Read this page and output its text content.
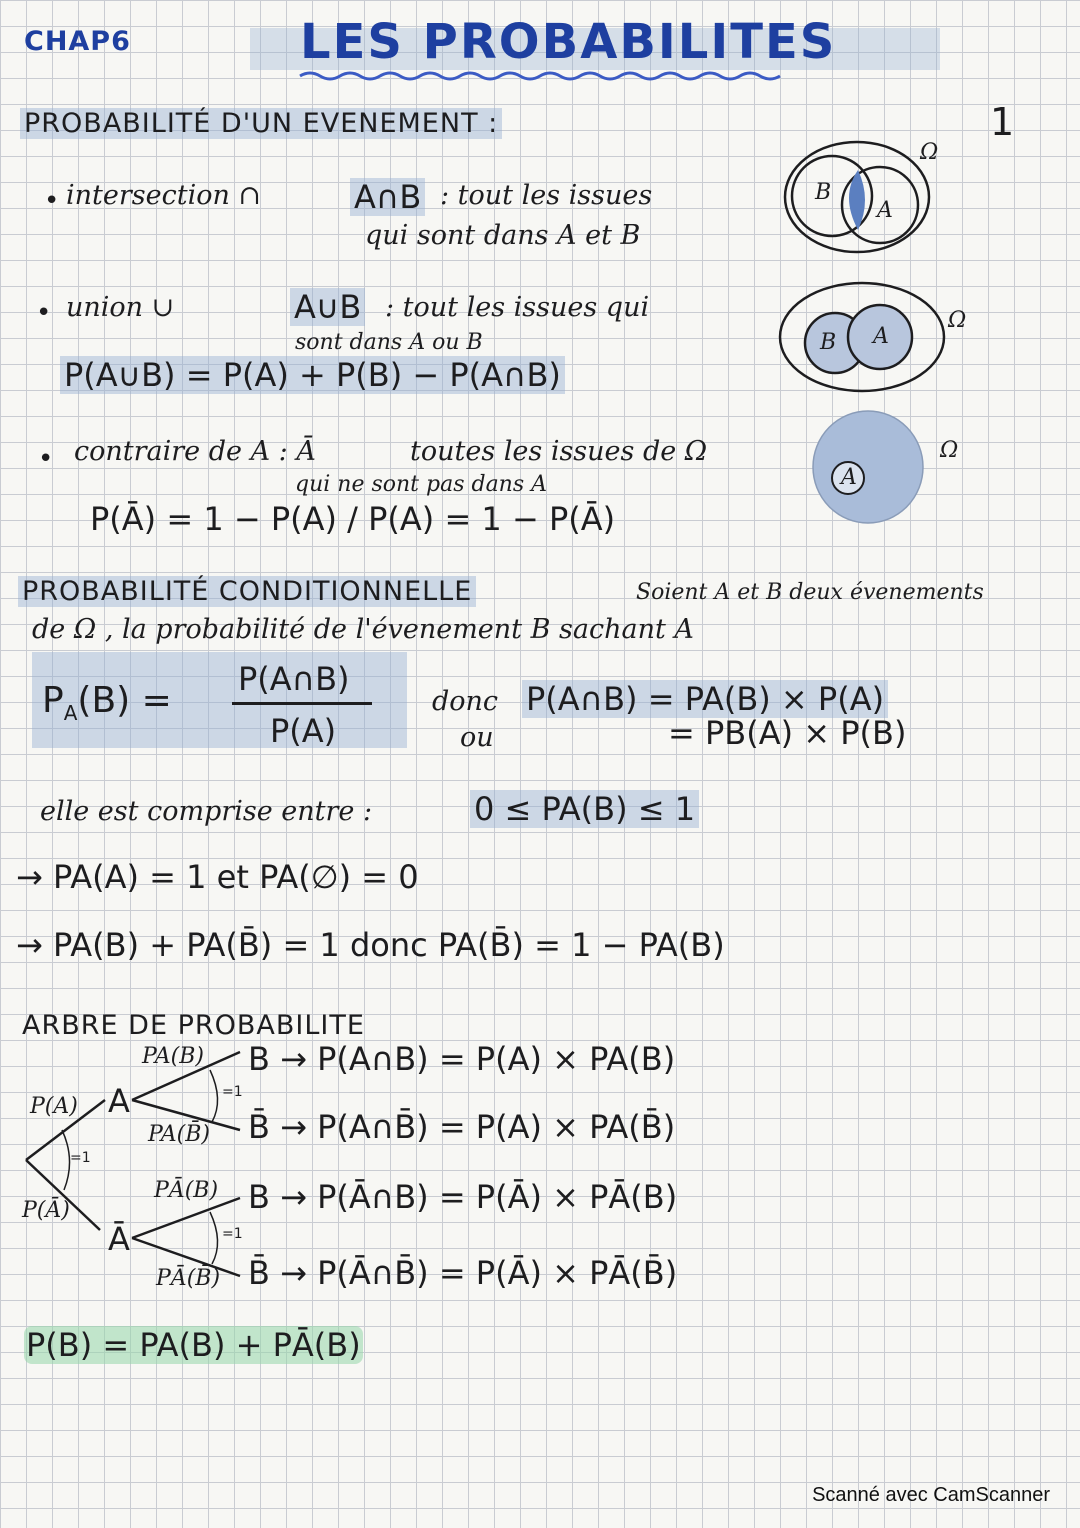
CHAP6	LES PROBABILITES
1
PROBABILITÉ D'UN EVENEMENT :
• intersection ∩	A∩B : tout les issues
qui sont dans A et B
• union ∪	A∪B : tout les issues qui
sont dans A ou B
P(A∪B) = P(A) + P(B) − P(A∩B)
• contraire de A : Ā	toutes les issues de Ω
qui ne sont pas dans A
P(Ā) = 1 − P(A) / P(A) = 1 − P(Ā)
Ω
B
A
Ω
B A
Ω
A
PROBABILITÉ CONDITIONNELLE	Soient A et B deux évenements
de Ω , la probabilité de l'évenement B sachant A
$P_A(B)$ =
P(A∩B)
P(A)
donc
ou
P(A∩B) = PA(B) × P(A)
= PB(A) × P(B)
elle est comprise entre :	0 ≤ PA(B) ≤ 1
→ PA(A) = 1 et PA(∅) = 0
→ PA(B) + PA(B̄) = 1 donc PA(B̄) = 1 − PA(B)
ARBRE DE PROBABILITE
P(A)
P(Ā)
=1
A
Ā
PA(B)
PA(B̄)
PĀ(B)
PĀ(B̄)
=1
=1
B → P(A∩B) = P(A) × PA(B)
B̄ → P(A∩B̄) = P(A) × PA(B̄)
B → P(Ā∩B) = P(Ā) × PĀ(B)
B̄ → P(Ā∩B̄) = P(Ā) × PĀ(B̄)
P(B) = PA(B) + PĀ(B)
Scanné avec CamScanner
